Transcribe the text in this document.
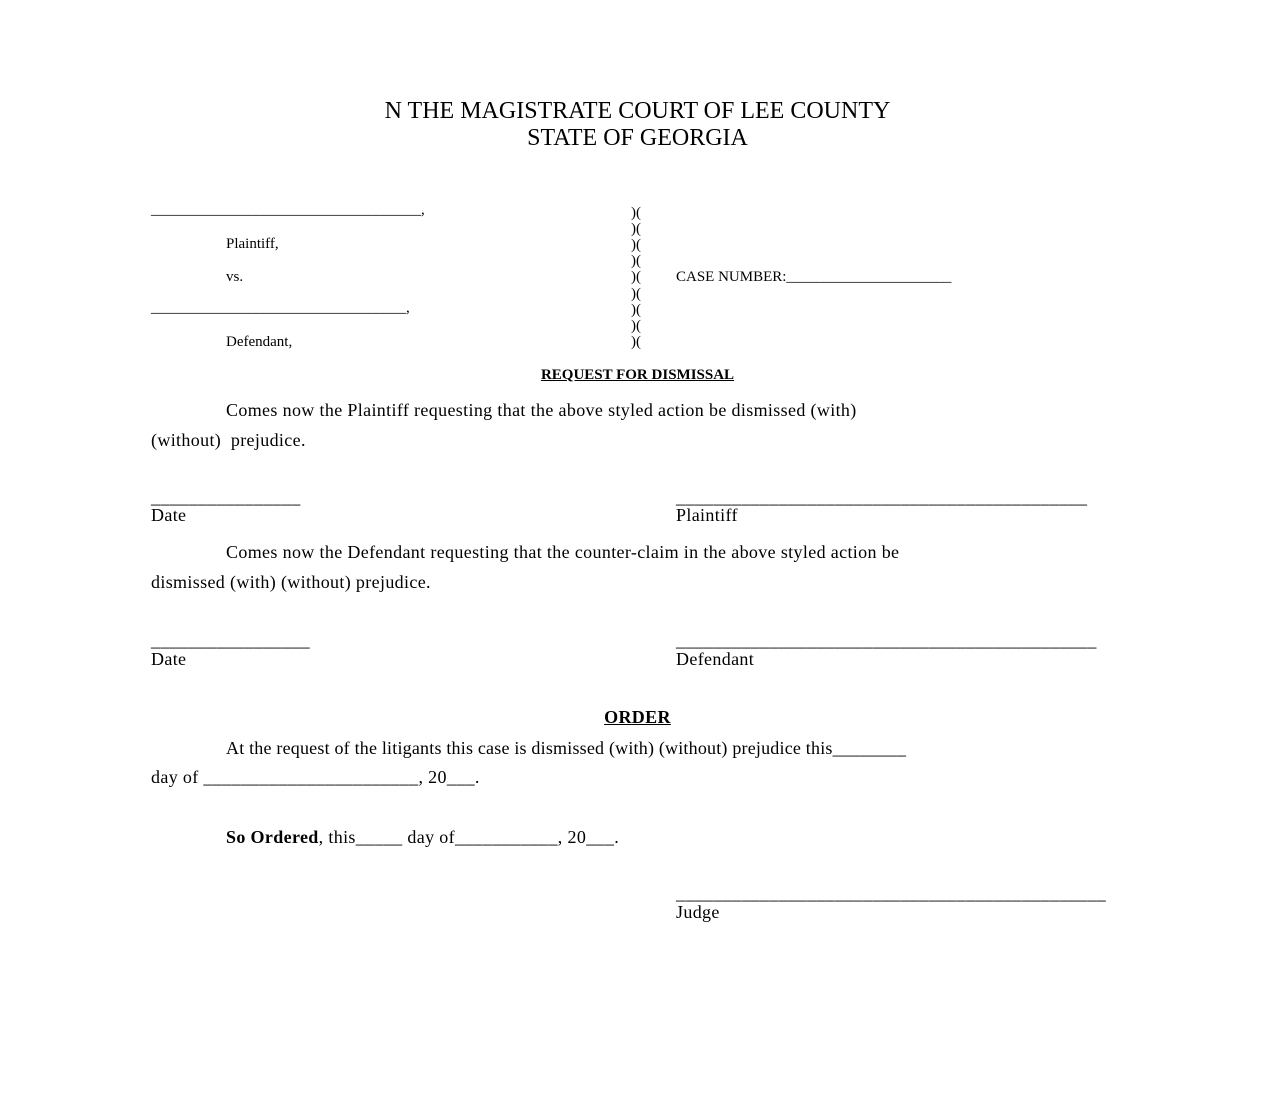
N THE MAGISTRATE COURT OF LEE COUNTY
STATE OF GEORGIA
____________________________________,
Plaintiff,
vs.
__________________________________,
Defendant,
)(
)(
)(
)(
)(
)(
)(
)(
)(
CASE NUMBER:______________________
REQUEST FOR DISMISSAL
Comes now the Plaintiff requesting that the above styled action be dismissed (with)
(without)  prejudice.
________________
Date
____________________________________________
Plaintiff
Comes now the Defendant requesting that the counter-claim in the above styled action be
dismissed (with) (without) prejudice.
_________________
Date
_____________________________________________
Defendant
ORDER
At the request of the litigants this case is dismissed (with) (without) prejudice this________
day of _______________________, 20___.
So Ordered, this_____ day of___________, 20___.
______________________________________________
Judge
